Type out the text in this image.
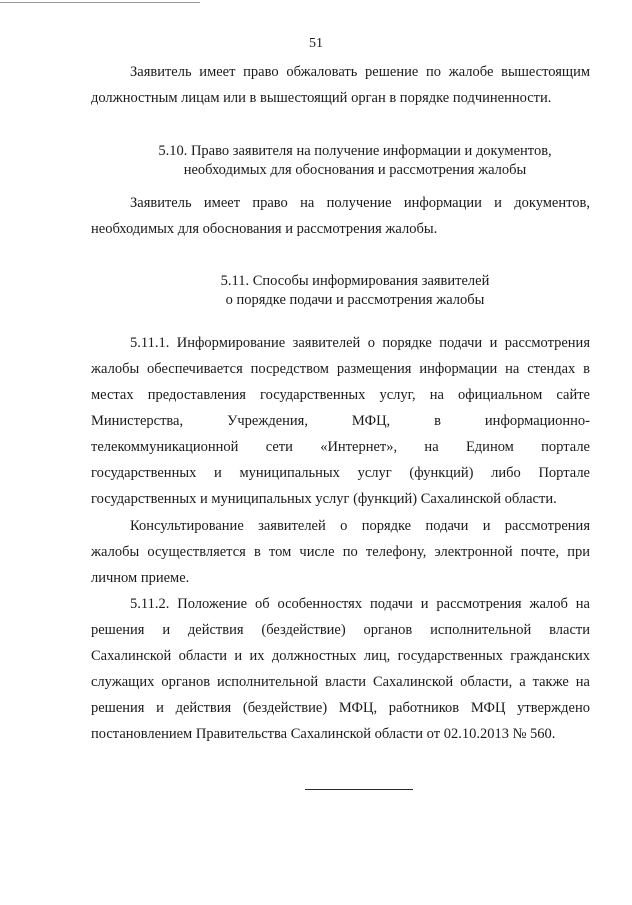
51
Заявитель имеет право обжаловать решение по жалобе вышестоящим
должностным лицам или в вышестоящий орган в порядке подчиненности.
5.10. Право заявителя на получение информации и документов,
необходимых для обоснования и рассмотрения жалобы
Заявитель имеет право на получение информации и документов,
необходимых для обоснования и рассмотрения жалобы.
5.11. Способы информирования заявителей
о порядке подачи и рассмотрения жалобы
5.11.1. Информирование заявителей о порядке подачи и рассмотрения
жалобы обеспечивается посредством размещения информации на стендах в
местах предоставления государственных услуг, на официальном сайте
Министерства, Учреждения, МФЦ, в информационно-
телекоммуникационной сети «Интернет», на Едином портале
государственных и муниципальных услуг (функций) либо Портале
государственных и муниципальных услуг (функций) Сахалинской области.
Консультирование заявителей о порядке подачи и рассмотрения
жалобы осуществляется в том числе по телефону, электронной почте, при
личном приеме.
5.11.2. Положение об особенностях подачи и рассмотрения жалоб на
решения и действия (бездействие) органов исполнительной власти
Сахалинской области и их должностных лиц, государственных гражданских
служащих органов исполнительной власти Сахалинской области, а также на
решения и действия (бездействие) МФЦ, работников МФЦ утверждено
постановлением Правительства Сахалинской области от 02.10.2013 № 560.
